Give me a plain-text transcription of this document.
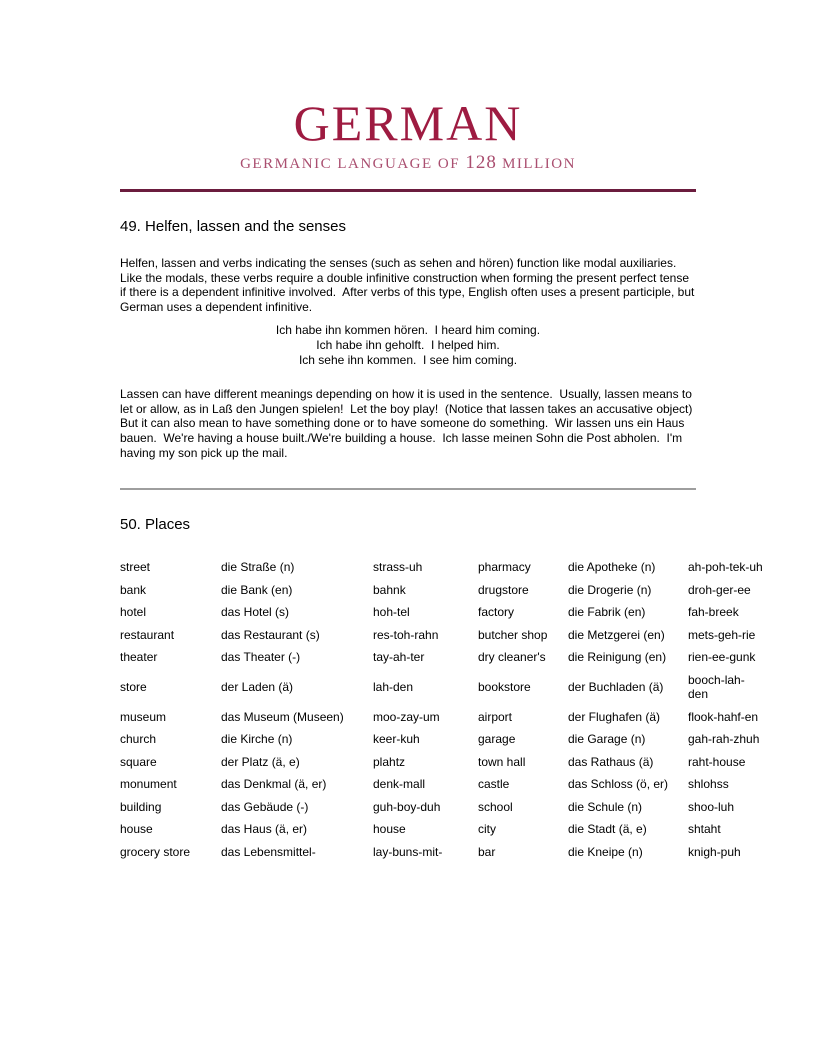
GERMAN
GERMANIC LANGUAGE OF 128 MILLION
49. Helfen, lassen and the senses

Helfen, lassen and verbs indicating the senses (such as sehen and hören) function like modal auxiliaries.  Like the modals, these verbs require a double infinitive construction when forming the present perfect tense if there is a dependent infinitive involved.  After verbs of this type, English often uses a present participle, but German uses a dependent infinitive.

Ich habe ihn kommen hören.  I heard him coming.
Ich habe ihn geholft.  I helped him.
Ich sehe ihn kommen.  I see him coming.

Lassen can have different meanings depending on how it is used in the sentence.  Usually, lassen means to let or allow, as in Laß den Jungen spielen!  Let the boy play!  (Notice that lassen takes an accusative object)  But it can also mean to have something done or to have someone do something.  Wir lassen uns ein Haus bauen.  We're having a house built./We're building a house.  Ich lasse meinen Sohn die Post abholen.  I'm having my son pick up the mail.

50. Places
street	die Straße (n)	strass-uh	pharmacy	die Apotheke (n)	ah-poh-tek-uh
bank	die Bank (en)	bahnk	drugstore	die Drogerie (n)	droh-ger-ee
hotel	das Hotel (s)	hoh-tel	factory	die Fabrik (en)	fah-breek
restaurant	das Restaurant (s)	res-toh-rahn	butcher shop	die Metzgerei (en)	mets-geh-rie
theater	das Theater (-)	tay-ah-ter	dry cleaner's	die Reinigung (en)	rien-ee-gunk
store	der Laden (ä)	lah-den	bookstore	der Buchladen (ä)	booch-lah-den
museum	das Museum (Museen)	moo-zay-um	airport	der Flughafen (ä)	flook-hahf-en
church	die Kirche (n)	keer-kuh	garage	die Garage (n)	gah-rah-zhuh
square	der Platz (ä, e)	plahtz	town hall	das Rathaus (ä)	raht-house
monument	das Denkmal (ä, er)	denk-mall	castle	das Schloss (ö, er)	shlohss
building	das Gebäude (-)	guh-boy-duh	school	die Schule (n)	shoo-luh
house	das Haus (ä, er)	house	city	die Stadt (ä, e)	shtaht
grocery store	das Lebensmittel-	lay-buns-mit-	bar	die Kneipe (n)	knigh-puh
